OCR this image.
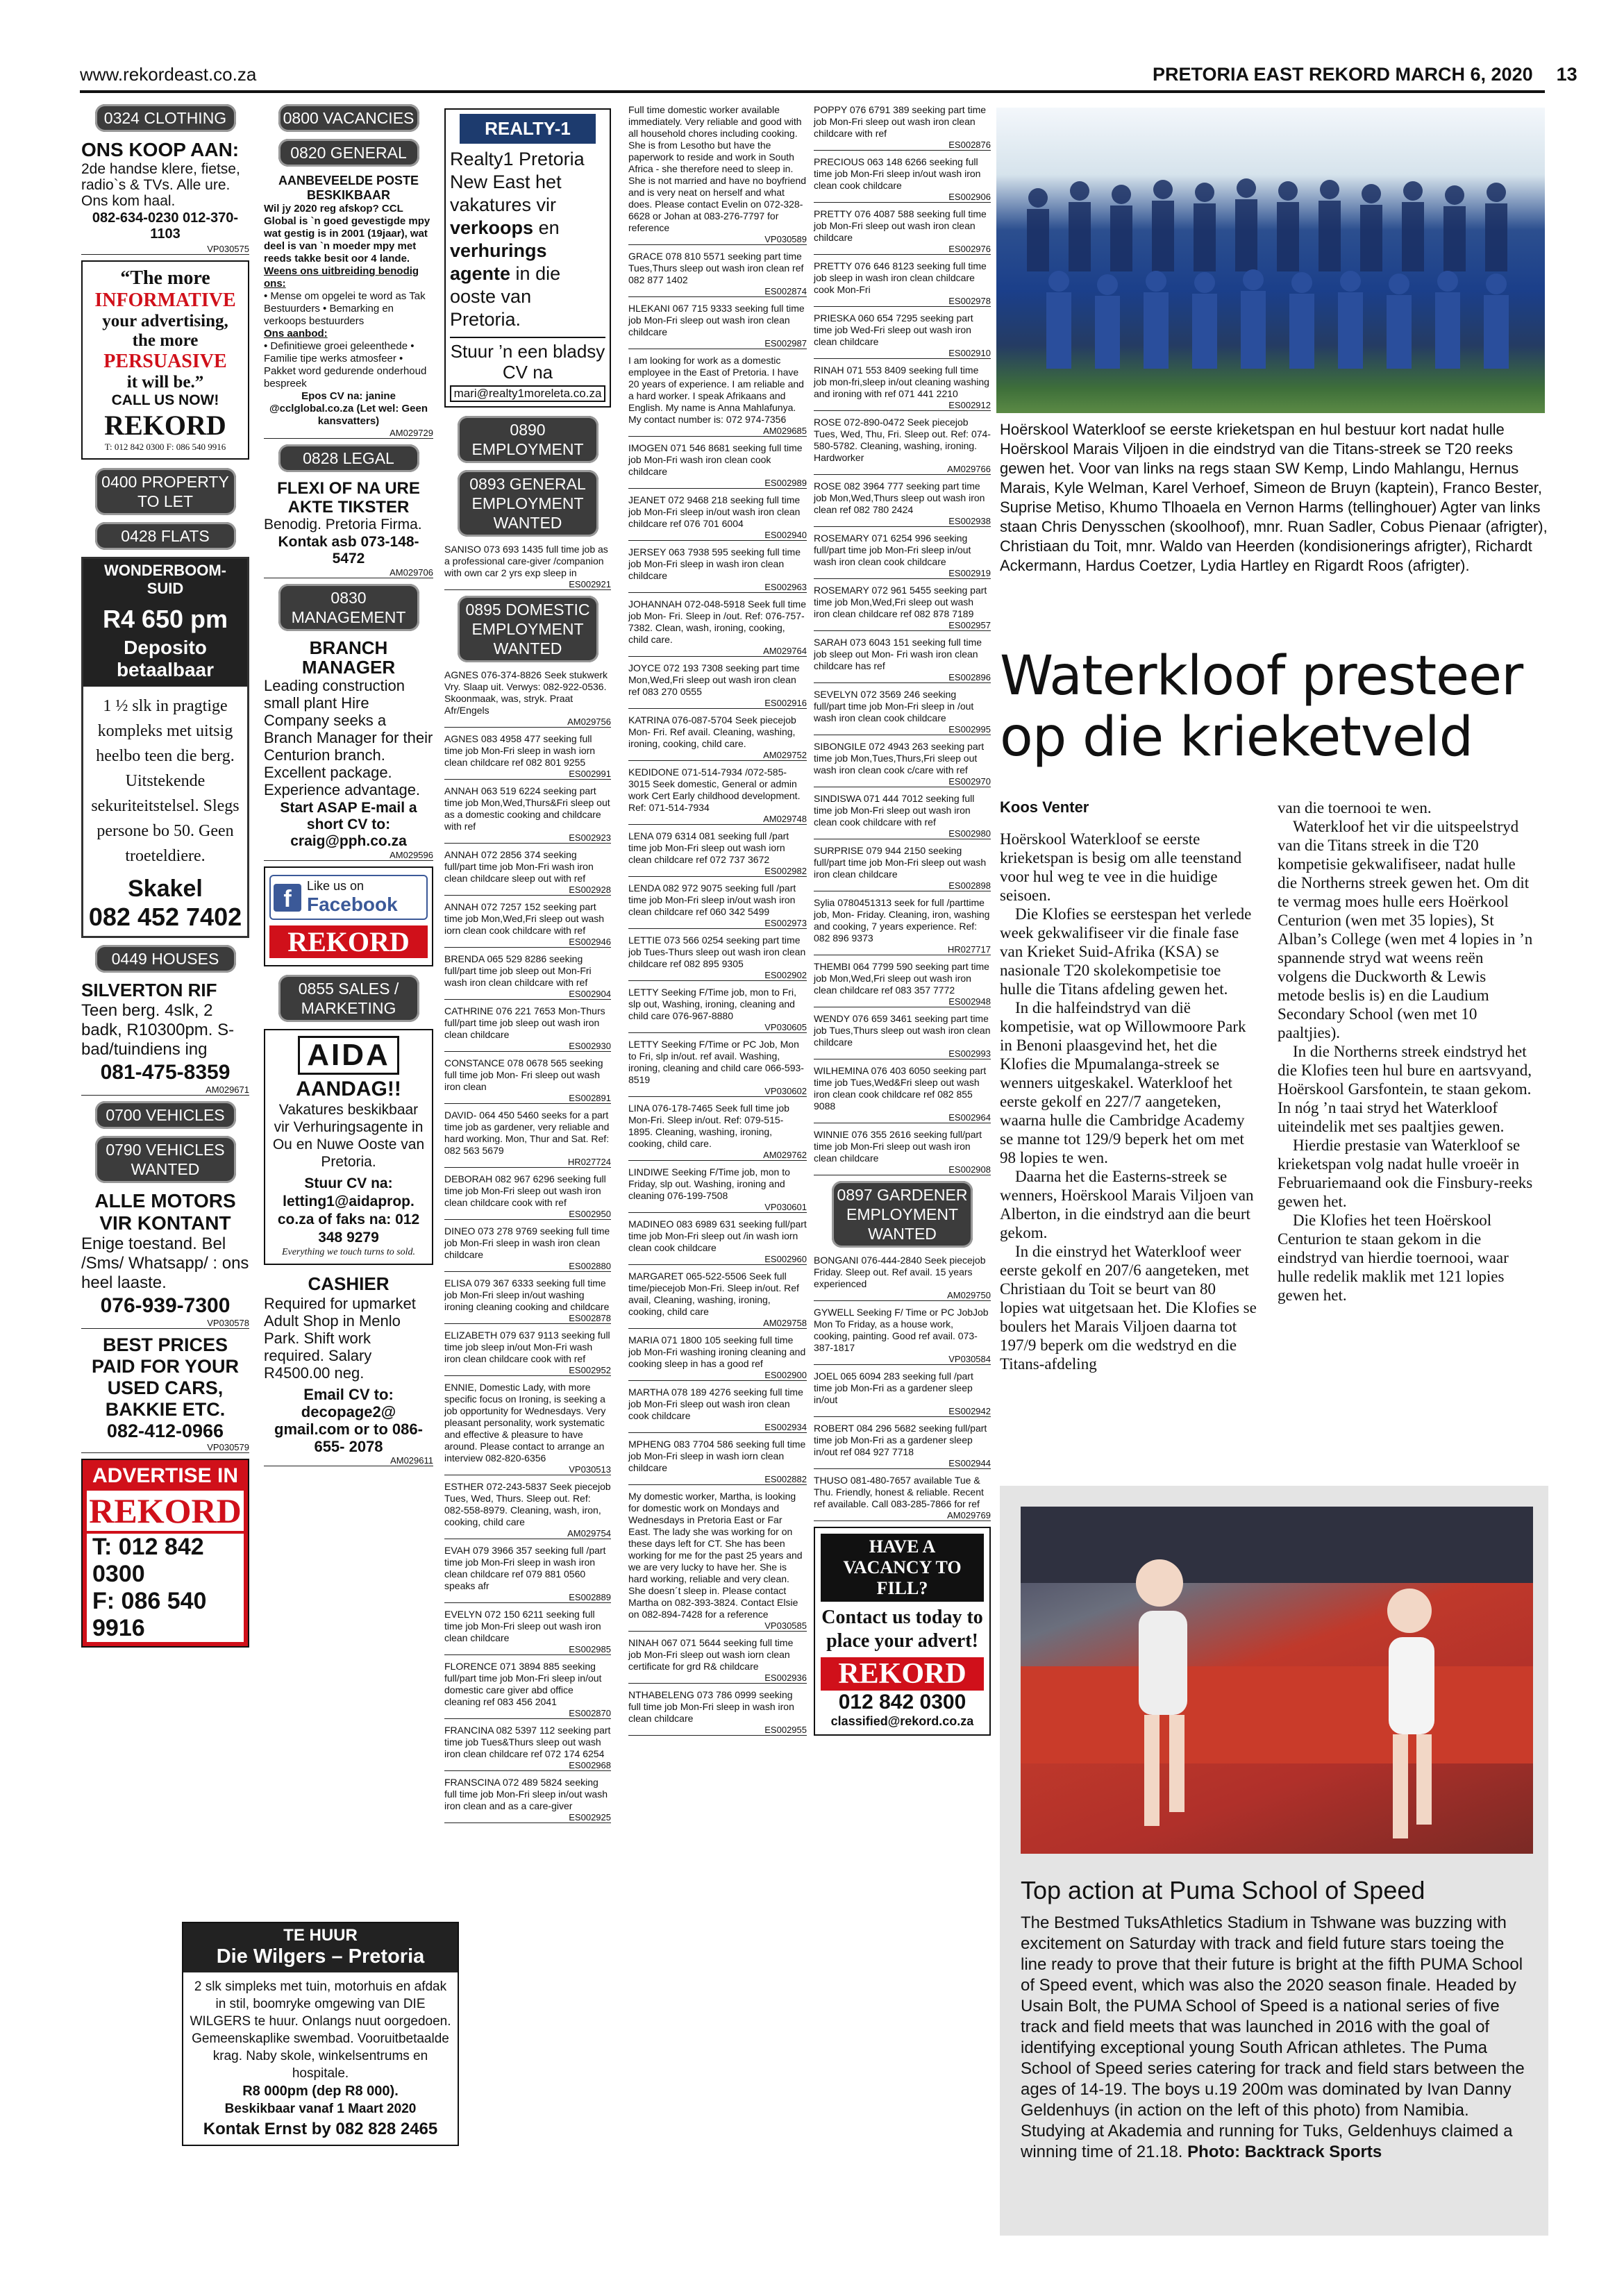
www.rekordeast.co.za	PRETORIA EAST REKORD MARCH 6, 2020 13
0324 CLOTHING
ONS KOOP AAN:
2de handse klere, fietse, radio`s & TVs. Alle ure. Ons kom haal.
082-634-0230 012-370-1103
VP030575
“The more
INFORMATIVE
your advertising,
the more
PERSUASIVE
it will be.”
CALL US NOW!
REKORD
T: 012 842 0300 F: 086 540 9916
0400 PROPERTY TO LET
0428 FLATS
WONDERBOOM-SUID
R4 650 pm
Deposito betaalbaar
1 ½ slk in pragtige kompleks met uitsig heelbo teen die berg. Uitstekende sekuriteitstelsel. Slegs persone bo 50. Geen troeteldiere.
Skakel
082 452 7402
0449 HOUSES
SILVERTON RIF
Teen berg. 4slk, 2 badk, R10300pm. S-bad/tuindiens ing
081-475-8359
AM029671
0700 VEHICLES
0790 VEHICLES WANTED
ALLE MOTORS VIR KONTANT
Enige toestand. Bel /Sms/ Whatsapp/ : ons heel laaste.
076-939-7300
VP030578
BEST PRICES PAID FOR YOUR USED CARS, BAKKIE ETC.
082-412-0966
VP030579
ADVERTISE IN
REKORD
T: 012 842 0300
F: 086 540 9916
0800 VACANCIES
0820 GENERAL
AANBEVEELDE POSTE BESKIKBAAR
Wil jy 2020 reg afskop? CCL Global is `n goed gevestigde mpy wat gestig is in 2001 (19jaar), wat deel is van `n moeder mpy met reeds takke besit oor 4 lande.
Weens ons uitbreiding benodig ons:
• Mense om opgelei te word as Tak Bestuurders • Bemarking en verkoops bestuurders
Ons aanbod:
• Definitiewe groei geleenthede • Familie tipe werks atmosfeer • Pakket word gedurende onderhoud bespreek
Epos CV na: janine @cclglobal.co.za (Let wel: Geen kansvatters)
AM029729
0828 LEGAL
FLEXI OF NA URE AKTE TIKSTER
Benodig. Pretoria Firma.
Kontak asb 073-148-5472
AM029706
0830 MANAGEMENT
BRANCH MANAGER
Leading construction small plant Hire Company seeks a Branch Manager for their Centurion branch. Excellent package. Experience advantage.
Start ASAP E-mail a short CV to: craig@pph.co.za
AM029596
f	Like us on
Facebook
REKORD
0855 SALES / MARKETING
AIDA
AANDAG!!
Vakatures beskikbaar vir Verhuringsagente in Ou en Nuwe Ooste van Pretoria.
Stuur CV na: letting1@aidaprop. co.za of faks na: 012 348 9279
Everything we touch turns to sold.
CASHIER
Required for upmarket Adult Shop in Menlo Park. Shift work required. Salary R4500.00 neg.
Email CV to: decopage2@ gmail.com or to 086-655- 2078
AM029611
REALTY-1
Realty1 Pretoria New East het vakatures vir verkoops en verhurings agente in die ooste van Pretoria.
Stuur ’n een bladsy CV na
mari@realty1moreleta.co.za
0890 EMPLOYMENT
0893 GENERAL EMPLOYMENT WANTED
SANISO 073 693 1435 full time job as a professional care-giver /companion with own car 2 yrs exp sleep in
ES002921
0895 DOMESTIC EMPLOYMENT WANTED
AGNES 076-374-8826 Seek stukwerk Vry. Slaap uit. Verwys: 082-922-0536. Skoonmaak, was, stryk. Praat Afr/Engels
AM029756
AGNES 083 4958 477 seeking full time job Mon-Fri sleep in wash iorn clean childcare ref 082 801 9255
ES002991
ANNAH 063 519 6224 seeking part time job Mon,Wed,Thurs&Fri sleep out as a domestic cooking and childcare with ref
ES002923
ANNAH 072 2856 374 seeking full/part time job Mon-Fri wash iron clean childcare sleep out with ref
ES002928
ANNAH 072 7257 152 seeking part time job Mon,Wed,Fri sleep out wash iorn clean cook childcare with ref
ES002946
BRENDA 065 529 8286 seeking full/part time job sleep out Mon-Fri wash iron clean childcare with ref
ES002904
CATHRINE 076 221 7653 Mon-Thurs full/part time job sleep out wash iron clean childcare
ES002930
CONSTANCE 078 0678 565 seeking full time job Mon- Fri sleep out wash iron clean
ES002891
DAVID- 064 450 5460 seeks for a part time job as gardener, very reliable and hard working. Mon, Thur and Sat. Ref: 082 563 5679
HR027724
DEBORAH 082 967 6296 seeking full time job Mon-Fri sleep out wash iron clean childcare cook with ref
ES002950
DINEO 073 278 9769 seeking full time job Mon-Fri sleep in wash iron clean childcare
ES002880
ELISA 079 367 6333 seeking full time job Mon-Fri sleep in/out washing ironing cleaning cooking and childcare
ES002878
ELIZABETH 079 637 9113 seeking full time job sleep in/out Mon-Fri wash iron clean childcare cook with ref
ES002952
ENNIE, Domestic Lady, with more specific focus on Ironing, is seeking a job opportunity for Wednesdays. Very pleasant personality, work systematic and effective & pleasure to have around. Please contact to arrange an interview 082-820-6356
VP030513
ESTHER 072-243-5837 Seek piecejob Tues, Wed, Thurs. Sleep out. Ref: 082-558-8979. Cleaning, wash, iron, cooking, child care
AM029754
EVAH 079 3966 357 seeking full /part time job Mon-Fri sleep in wash iron clean childcare ref 079 881 0560 speaks afr
ES002889
EVELYN 072 150 6211 seeking full time job Mon-Fri sleep out wash iron clean childcare
ES002985
FLORENCE 071 3894 885 seeking full/part time job Mon-Fri sleep in/out domestic care giver abd office cleaning ref 083 456 2041
ES002870
FRANCINA 082 5397 112 seeking part time job Tues&Thurs sleep out wash iron clean childcare ref 072 174 6254
ES002968
FRANSCINA 072 489 5824 seeking full time job Mon-Fri sleep in/out wash iron clean and as a care-giver
ES002925
Full time domestic worker available immediately. Very reliable and good with all household chores including cooking. She is from Lesotho but have the paperwork to reside and work in South Africa - she therefore need to sleep in. She is not married and have no boyfriend and is very neat on herself and what does. Please contact Evelin on 072-328-6628 or Johan at 083-276-7797 for reference
VP030589
GRACE 078 810 5571 seeking part time Tues,Thurs sleep out wash iron clean ref 082 877 1402
ES002874
HLEKANI 067 715 9333 seeking full time job Mon-Fri sleep out wash iron clean childcare
ES002987
I am looking for work as a domestic employee in the East of Pretoria. I have 20 years of experience. I am reliable and a hard worker. I speak Afrikaans and English. My name is Anna Mahlafunya. My contact number is: 072 974-7356
AM029685
IMOGEN 071 546 8681 seeking full time job Mon-Fri wash iron clean cook childcare
ES002989
JEANET 072 9468 218 seeking full time job Mon-Fri sleep in/out wash iron clean childcare ref 076 701 6004
ES002940
JERSEY 063 7938 595 seeking full time job Mon-Fri sleep in wash iron clean childcare
ES002963
JOHANNAH 072-048-5918 Seek full time job Mon- Fri. Sleep in /out. Ref: 076-757-7382. Clean, wash, ironing, cooking, child care.
AM029764
JOYCE 072 193 7308 seeking part time Mon,Wed,Fri sleep out wash iron clean ref 083 270 0555
ES002916
KATRINA 076-087-5704 Seek piecejob Mon- Fri. Ref avail. Cleaning, washing, ironing, cooking, child care.
AM029752
KEDIDONE 071-514-7934 /072-585-3015 Seek domestic, General or admin work Cert Early childhood development. Ref: 071-514-7934
AM029748
LENA 079 6314 081 seeking full /part time job Mon-Fri sleep out wash iorn clean childcare ref 072 737 3672
ES002982
LENDA 082 972 9075 seeking full /part time job Mon-Fri sleep in/out wash iron clean childcare ref 060 342 5499
ES002973
LETTIE 073 566 0254 seeking part time job Tues-Thurs sleep out wash iron clean childcare ref 082 895 9305
ES002902
LETTY Seeking F/Time job, mon to Fri, slp out, Washing, ironing, cleaning and child care 076-967-8880
VP030605
LETTY Seeking F/Time or PC Job, Mon to Fri, slp in/out. ref avail. Washing, ironing, cleaning and child care 066-593-8519
VP030602
LINA 076-178-7465 Seek full time job Mon-Fri. Sleep in/out. Ref: 079-515-1895. Cleaning, washing, ironing, cooking, child care.
AM029762
LINDIWE Seeking F/Time job, mon to Friday, slp out. Washing, ironing and cleaning 076-199-7508
VP030601
MADINEO 083 6989 631 seeking full/part time job Mon-Fri sleep out /in wash iorn clean cook childcare
ES002960
MARGARET 065-522-5506 Seek full time/piecejob Mon-Fri. Sleep in/out. Ref avail, Cleaning, washing, ironing, cooking, child care
AM029758
MARIA 071 1800 105 seeking full time job Mon-Fri washing ironing cleaning and cooking sleep in has a good ref
ES002900
MARTHA 078 189 4276 seeking full time job Mon-Fri sleep out wash iron clean cook childcare
ES002934
MPHENG 083 7704 586 seeking full time job Mon-Fri sleep in wash iorn clean childcare
ES002882
My domestic worker, Martha, is looking for domestic work on Mondays and Wednesdays in Pretoria East or Far East. The lady she was working for on these days left for CT. She has been working for me for the past 25 years and we are very lucky to have her. She is hard working, reliable and very clean. She doesn´t sleep in. Please contact Martha on 082-393-3824. Contact Elsie on 082-894-7428 for a reference
VP030585
NINAH 067 071 5644 seeking full time job Mon-Fri sleep out wash iorn clean certificate for grd R& childcare
ES002936
NTHABELENG 073 786 0999 seeking full time job Mon-Fri sleep in wash iron clean childcare
ES002955
POPPY 076 6791 389 seeking part time job Mon-Fri sleep out wash iron clean childcare with ref
ES002876
PRECIOUS 063 148 6266 seeking full time job Mon-Fri sleep in/out wash iron clean cook childcare
ES002906
PRETTY 076 4087 588 seeking full time job Mon-Fri sleep out wash iron clean childcare
ES002976
PRETTY 076 646 8123 seeking full time job sleep in wash iron clean childcare cook Mon-Fri
ES002978
PRIESKA 060 654 7295 seeking part time job Wed-Fri sleep out wash iron clean childcare
ES002910
RINAH 071 553 8409 seeking full time job mon-fri,sleep in/out cleaning washing and ironing with ref 071 441 2210
ES002912
ROSE 072-890-0472 Seek piecejob Tues, Wed, Thu, Fri. Sleep out. Ref: 074-580-5782. Cleaning, washing, ironing. Hardworker
AM029766
ROSE 082 3964 777 seeking part time job Mon,Wed,Thurs sleep out wash iron clean ref 082 780 2424
ES002938
ROSEMARY 071 6254 996 seeking full/part time job Mon-Fri sleep in/out wash iron clean cook childcare
ES002919
ROSEMARY 072 961 5455 seeking part time job Mon,Wed,Fri sleep out wash iron clean childcare ref 082 878 7189
ES002957
SARAH 073 6043 151 seeking full time job sleep out Mon- Fri wash iron clean childcare has ref
ES002896
SEVELYN 072 3569 246 seeking full/part time job Mon-Fri sleep in /out wash iron clean cook childcare
ES002995
SIBONGILE 072 4943 263 seeking part time job Mon,Tues,Thurs,Fri sleep out wash iron clean cook c/care with ref
ES002970
SINDISWA 071 444 7012 seeking full time job Mon-Fri sleep out wash iron clean cook childcare with ref
ES002980
SURPRISE 079 944 2150 seeking full/part time job Mon-Fri sleep out wash iron clean childcare
ES002898
Sylia 0780451313 seek for full /parttime job, Mon- Friday. Cleaning, iron, washing and cooking, 7 years experience. Ref: 082 896 9373
HR027717
THEMBI 064 7799 590 seeking part time job Mon,Wed,Fri sleep out wash iron clean childcare ref 083 357 7772
ES002948
WENDY 076 659 3461 seeking part time job Tues,Thurs sleep out wash iron clean childcare
ES002993
WILHEMINA 076 403 6050 seeking part time job Tues,Wed&Fri sleep out wash iron clean cook childcare ref 082 855 9088
ES002964
WINNIE 076 355 2616 seeking full/part time job Mon-Fri sleep out wash iron clean childcare
ES002908
0897 GARDENER EMPLOYMENT WANTED
BONGANI 076-444-2840 Seek piecejob Friday. Sleep out. Ref avail. 15 years experienced
AM029750
GYWELL Seeking F/ Time or PC JobJob Mon To Friday, as a house work, cooking, painting. Good ref avail. 073-387-1817
VP030584
JOEL 065 6094 283 seeking full /part time job Mon-Fri as a gardener sleep in/out
ES002942
ROBERT 084 296 5682 seeking full/part time job Mon-Fri as a gardener sleep in/out ref 084 927 7718
ES002944
THUSO 081-480-7657 available Tue & Thu. Friendly, honest & reliable. Recent ref available. Call 083-285-7866 for ref
AM029769
HAVE A VACANCY TO FILL?
Contact us today to place your advert!
REKORD
012 842 0300
classified@rekord.co.za
TE HUUR
Die Wilgers – Pretoria
2 slk simpleks met tuin, motorhuis en afdak in stil, boomryke omgewing van DIE WILGERS te huur. Onlangs nuut oorgedoen. Gemeenskaplike swembad. Vooruitbetaalde krag. Naby skole, winkelsentrums en hospitale.
R8 000pm (dep R8 000).
Beskikbaar vanaf 1 Maart 2020
Kontak Ernst by 082 828 2465
Hoërskool Waterkloof se eerste krieketspan en hul bestuur kort nadat hulle Hoërskool Marais Viljoen in die eindstryd van die Titans-streek se T20 reeks gewen het. Voor van links na regs staan SW Kemp, Lindo Mahlangu, Hernus Marais, Kyle Welman, Karel Verhoef, Simeon de Bruyn (kaptein), Franco Bester, Suprise Metiso, Khumo Tlhoaela en Vernon Harms (tellinghouer) Agter van links staan Chris Denysschen (skoolhoof), mnr. Ruan Sadler, Cobus Pienaar (afrigter), Christiaan du Toit, mnr. Waldo van Heerden (kondisionerings afrigter), Richardt Ackermann, Hardus Coetzer, Lydia Hartley en Rigardt Roos (afrigter).
Waterkloof presteer op die krieketveld
Koos Venter

Hoërskool Waterkloof se eerste krieketspan is besig om alle teenstand voor hul weg te vee in die huidige seisoen.

Die Klofies se eerstespan het verlede week gekwalifiseer vir die finale fase van Krieket Suid-Afrika (KSA) se nasionale T20 skolekompetisie toe hulle die Titans afdeling gewen het.

In die halfeindstryd van dië kompetisie, wat op Willowmoore Park in Benoni plaasgevind het, het die Klofies die Mpumalanga-streek se wenners uitgeskakel. Waterkloof het eerste gekolf en 227/7 aangeteken, waarna hulle die Cambridge Academy se manne tot 129/9 beperk het om met 98 lopies te wen.

Daarna het die Easterns-streek se wenners, Hoërskool Marais Viljoen van Alberton, in die eindstryd aan die beurt gekom.

In die einstryd het Waterkloof weer eerste gekolf en 207/6 aangeteken, met Christiaan du Toit se beurt van 80 lopies wat uitgetsaan het. Die Klofies se boulers het Marais Viljoen daarna tot 197/9 beperk om die wedstryd en die Titans-afdeling

van die toernooi te wen.

Waterkloof het vir die uitspeelstryd van die Titans streek in die T20 kompetisie gekwalifiseer, nadat hulle die Northerns streek gewen het. Om dit te vermag moes hulle eers Hoërkool Centurion (wen met 35 lopies), St Alban’s College (wen met 4 lopies in ’n spannende stryd wat weens reën volgens die Duckworth & Lewis metode beslis is) en die Laudium Secondary School (wen met 10 paaltjies).

In die Northerns streek eindstryd het die Klofies teen hul bure en aartsvyand, Hoërskool Garsfontein, te staan gekom. In nóg ’n taai stryd het Waterkloof uiteindelik met ses paaltjies gewen.

Hierdie prestasie van Waterkloof se krieketspan volg nadat hulle vroeër in Februariemaand ook die Finsbury-reeks gewen het.

Die Klofies het teen Hoërskool Centurion te staan gekom in die eindstryd van hierdie toernooi, waar hulle redelik maklik met 121 lopies gewen het.

Top action at Puma School of Speed
The Bestmed TuksAthletics Stadium in Tshwane was buzzing with excitement on Saturday with track and field future stars toeing the line ready to prove that their future is bright at the fifth PUMA School of Speed event, which was also the 2020 season finale. Headed by Usain Bolt, the PUMA School of Speed is a national series of five track and field meets that was launched in 2016 with the goal of identifying exceptional young South African athletes. The Puma School of Speed series catering for track and field stars between the ages of 14-19. The boys u.19 200m was dominated by Ivan Danny Geldenhuys (in action on the left of this photo) from Namibia. Studying at Akademia and running for Tuks, Geldenhuys claimed a winning time of 21.18. Photo: Backtrack Sports
